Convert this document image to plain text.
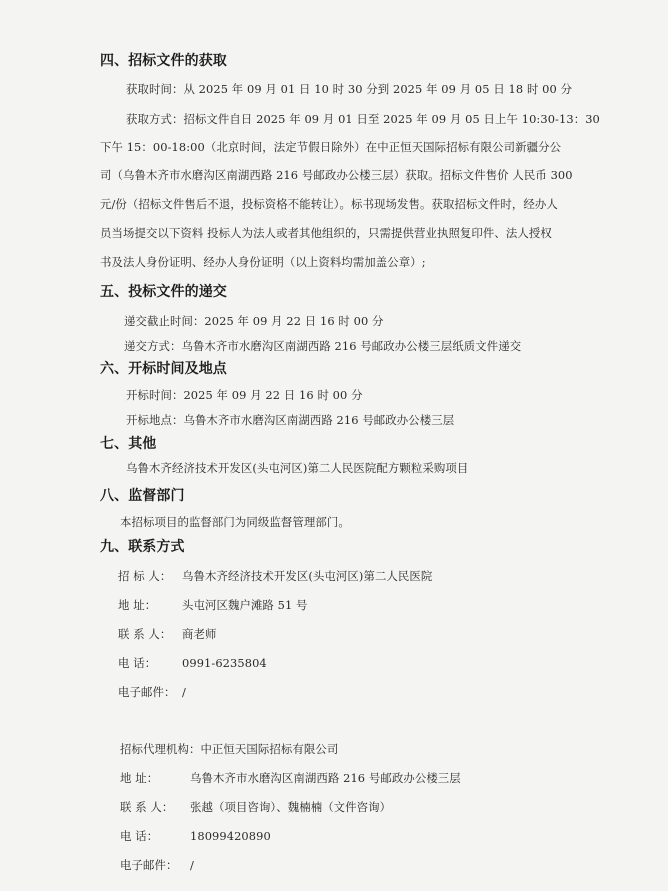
四、招标文件的获取
获取时间：从 2025 年 09 月 01 日 10 时 30 分到 2025 年 09 月 05 日 18 时 00 分
获取方式：招标文件自日 2025 年 09 月 01 日至 2025 年 09 月 05 日上午 10:30-13：30
下午 15：00-18:00（北京时间，法定节假日除外）在中正恒天国际招标有限公司新疆分公
司（乌鲁木齐市水磨沟区南湖西路 216 号邮政办公楼三层）获取。招标文件售价 人民币 300
元/份（招标文件售后不退，投标资格不能转让）。标书现场发售。获取招标文件时，经办人
员当场提交以下资料 投标人为法人或者其他组织的，只需提供营业执照复印件、法人授权
书及法人身份证明、经办人身份证明（以上资料均需加盖公章）;
五、投标文件的递交
递交截止时间：2025 年 09 月 22 日 16 时 00 分
递交方式：乌鲁木齐市水磨沟区南湖西路 216 号邮政办公楼三层纸质文件递交
六、开标时间及地点
开标时间：2025 年 09 月 22 日 16 时 00 分
开标地点：乌鲁木齐市水磨沟区南湖西路 216 号邮政办公楼三层
七、其他
乌鲁木齐经济技术开发区(头屯河区)第二人民医院配方颗粒采购项目
八、监督部门
本招标项目的监督部门为同级监督管理部门。
九、联系方式
招 标 人： 乌鲁木齐经济技术开发区(头屯河区)第二人民医院
地 址： 头屯河区魏户滩路 51 号
联 系 人： 商老师
电 话： 0991-6235804
电子邮件： /
招标代理机构：中正恒天国际招标有限公司
地 址：	乌鲁木齐市水磨沟区南湖西路 216 号邮政办公楼三层
联 系 人： 张越（项目咨询）、魏楠楠（文件咨询）
电 话：	18099420890
电子邮件： /
